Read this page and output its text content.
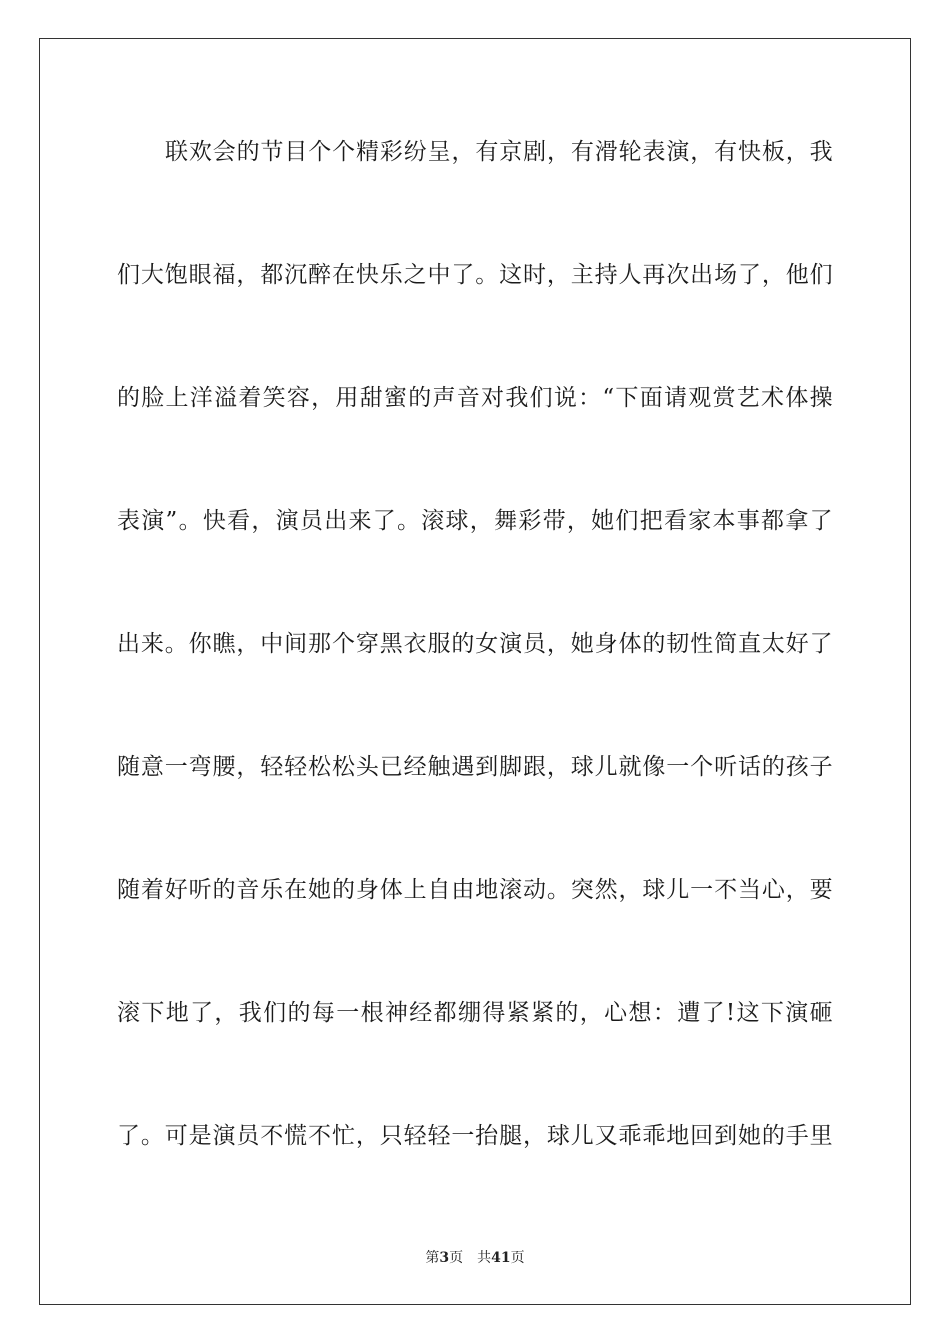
联欢会的节目个个精彩纷呈，有京剧，有滑轮表演，有快板，我
们大饱眼福，都沉醉在快乐之中了。这时，主持人再次出场了，他们
的脸上洋溢着笑容，用甜蜜的声音对我们说：“下面请观赏艺术体操
表演”。快看，演员出来了。滚球，舞彩带，她们把看家本事都拿了
出来。你瞧，中间那个穿黑衣服的女演员，她身体的韧性简直太好了
随意一弯腰，轻轻松松头已经触遇到脚跟，球儿就像一个听话的孩子
随着好听的音乐在她的身体上自由地滚动。突然，球儿一不当心，要
滚下地了，我们的每一根神经都绷得紧紧的，心想：遭了!这下演砸
了。可是演员不慌不忙，只轻轻一抬腿，球儿又乖乖地回到她的手里
第3页 共41页
